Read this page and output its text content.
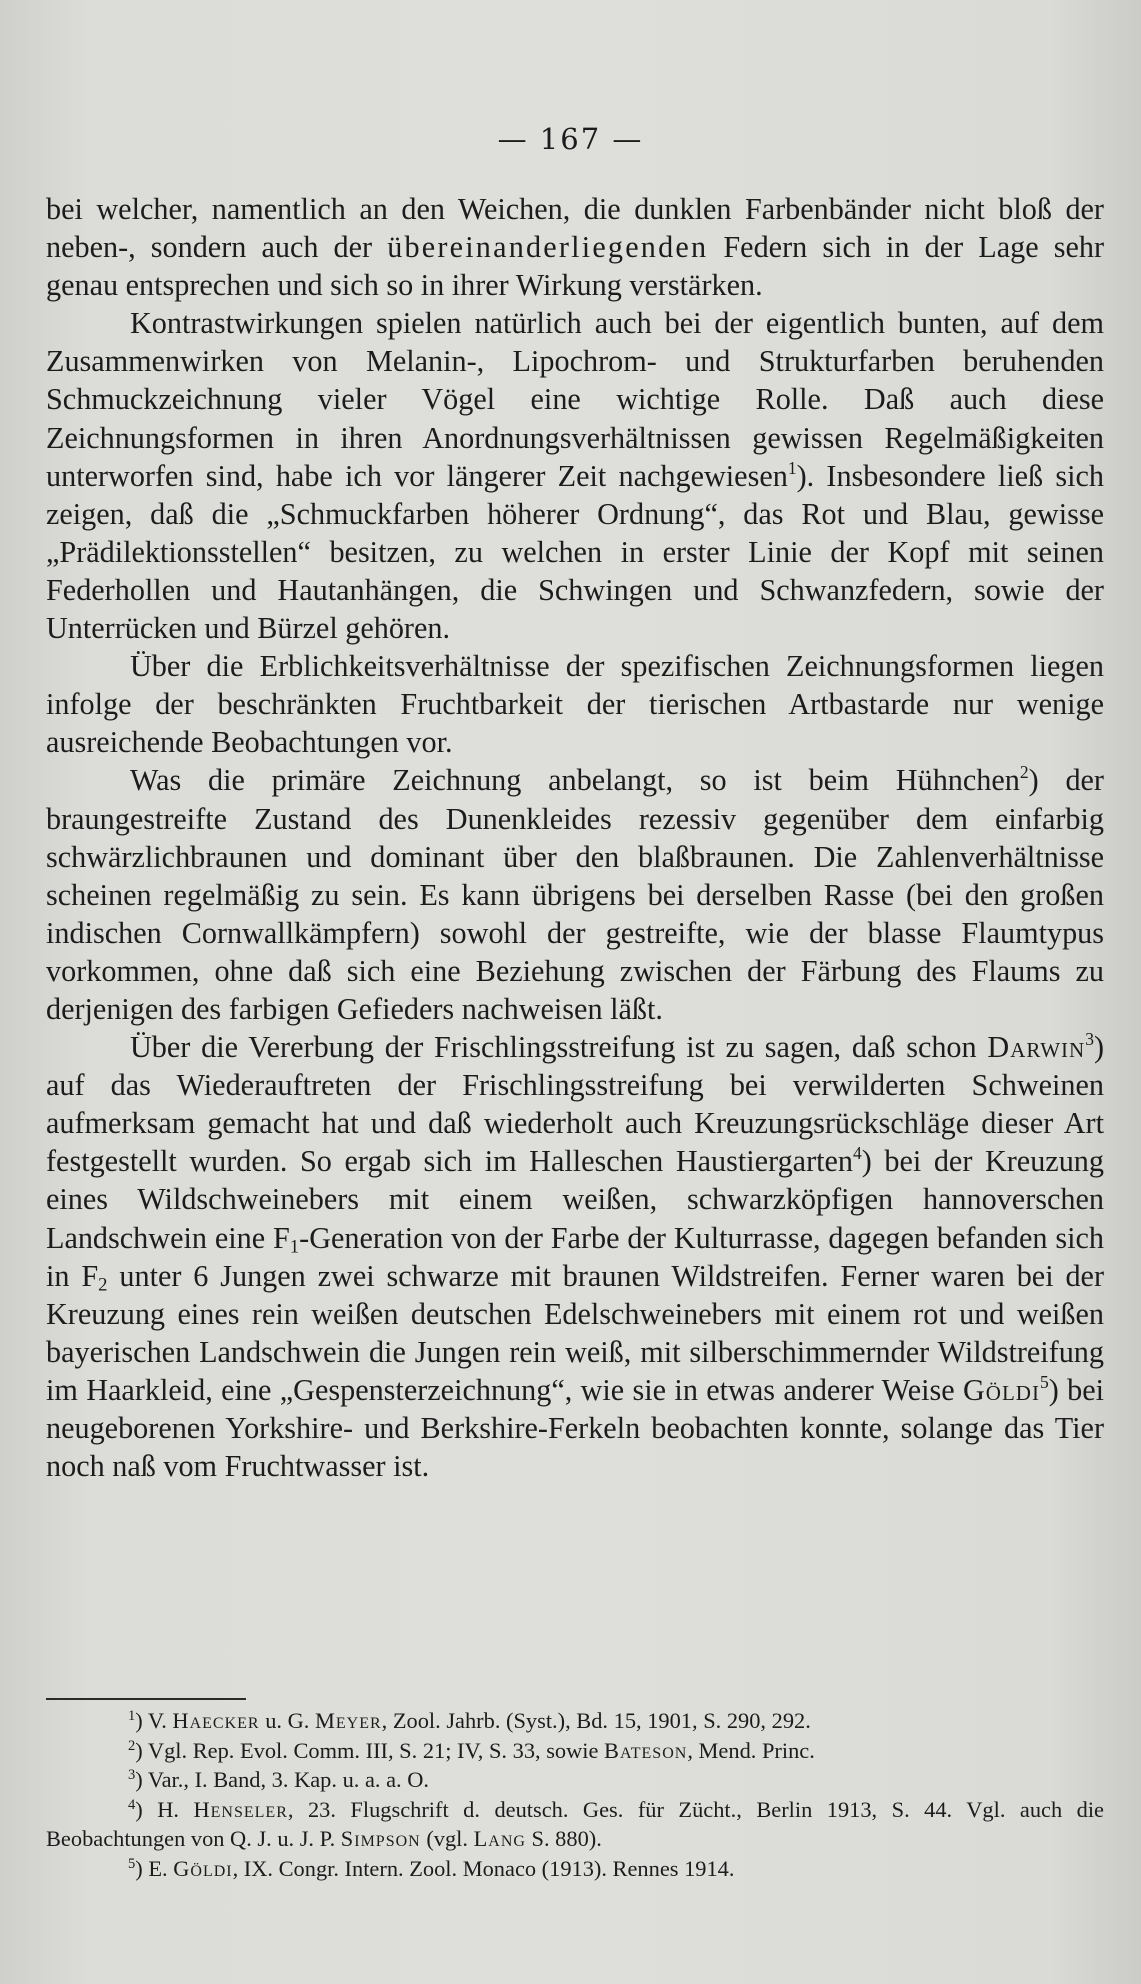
— 167 —

bei welcher, namentlich an den Weichen, die dunklen Farbenbänder nicht bloß der neben-, sondern auch der übereinanderliegenden Federn sich in der Lage sehr genau entsprechen und sich so in ihrer Wirkung verstärken.

Kontrastwirkungen spielen natürlich auch bei der eigentlich bunten, auf dem Zusammenwirken von Melanin-, Lipochrom- und Strukturfarben beruhenden Schmuckzeichnung vieler Vögel eine wichtige Rolle. Daß auch diese Zeichnungsformen in ihren Anordnungsverhältnissen gewissen Regelmäßigkeiten unterworfen sind, habe ich vor längerer Zeit nachgewiesen$^1$). Insbesondere ließ sich zeigen, daß die „Schmuckfarben höherer Ordnung“, das Rot und Blau, gewisse „Prädilektionsstellen“ besitzen, zu welchen in erster Linie der Kopf mit seinen Federhollen und Hautanhängen, die Schwingen und Schwanzfedern, sowie der Unterrücken und Bürzel gehören.

Über die Erblichkeitsverhältnisse der spezifischen Zeichnungsformen liegen infolge der beschränkten Fruchtbarkeit der tierischen Artbastarde nur wenige ausreichende Beobachtungen vor.

Was die primäre Zeichnung anbelangt, so ist beim Hühnchen$^2$) der braungestreifte Zustand des Dunenkleides rezessiv gegenüber dem einfarbig schwärzlichbraunen und dominant über den blaßbraunen. Die Zahlenverhältnisse scheinen regelmäßig zu sein. Es kann übrigens bei derselben Rasse (bei den großen indischen Cornwallkämpfern) sowohl der gestreifte, wie der blasse Flaumtypus vorkommen, ohne daß sich eine Beziehung zwischen der Färbung des Flaums zu derjenigen des farbigen Gefieders nachweisen läßt.

Über die Vererbung der Frischlingsstreifung ist zu sagen, daß schon Darwin$^3$) auf das Wiederauftreten der Frischlingsstreifung bei verwilderten Schweinen aufmerksam gemacht hat und daß wiederholt auch Kreuzungsrückschläge dieser Art festgestellt wurden. So ergab sich im Halleschen Haustiergarten$^4$) bei der Kreuzung eines Wildschweinebers mit einem weißen, schwarzköpfigen hannoverschen Landschwein eine $F_1$-Generation von der Farbe der Kulturrasse, dagegen befanden sich in $F_2$ unter 6 Jungen zwei schwarze mit braunen Wildstreifen. Ferner waren bei der Kreuzung eines rein weißen deutschen Edelschweinebers mit einem rot und weißen bayerischen Landschwein die Jungen rein weiß, mit silberschimmernder Wildstreifung im Haarkleid, eine „Gespensterzeichnung“, wie sie in etwas anderer Weise Göldi$^5$) bei neugeborenen Yorkshire- und Berkshire-Ferkeln beobachten konnte, solange das Tier noch naß vom Fruchtwasser ist.

$^1$) V. Haecker u. G. Meyer, Zool. Jahrb. (Syst.), Bd. 15, 1901, S. 290, 292.
$^2$) Vgl. Rep. Evol. Comm. III, S. 21; IV, S. 33, sowie Bateson, Mend. Princ.
$^3$) Var., I. Band, 3. Kap. u. a. a. O.
$^4$) H. Henseler, 23. Flugschrift d. deutsch. Ges. für Zücht., Berlin 1913, S. 44. Vgl. auch die Beobachtungen von Q. J. u. J. P. Simpson (vgl. Lang S. 880).
$^5$) E. Göldi, IX. Congr. Intern. Zool. Monaco (1913). Rennes 1914.
